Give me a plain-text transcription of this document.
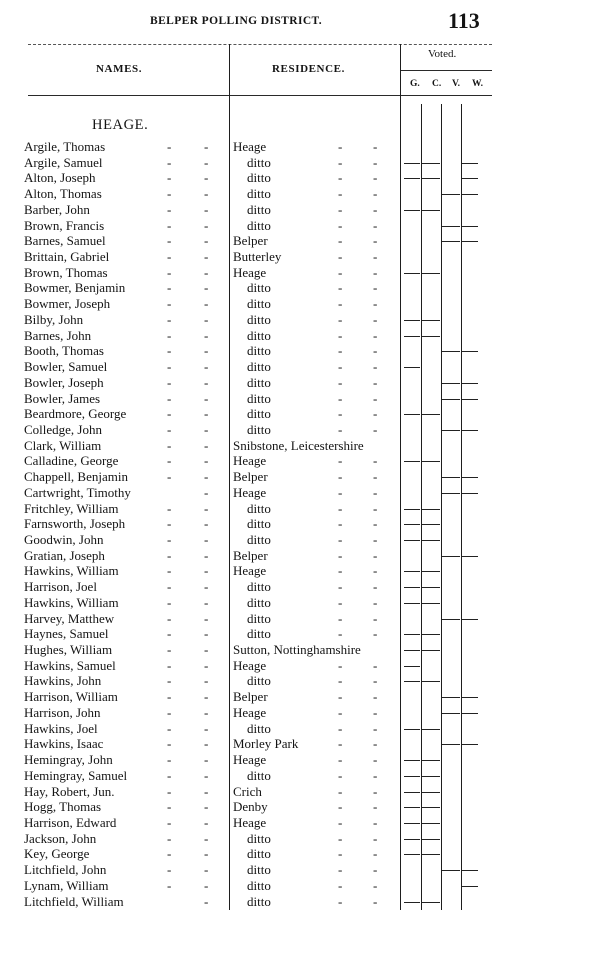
BELPER POLLING DISTRICT.	113
NAMES.	RESIDENCE.
Voted.
G. C. V. W.
HEAGE.
Argile, Thomas	-	- Heage	- -
Argile, Samuel	-	-	ditto	- -
Alton, Joseph	-	-	ditto	- -
Alton, Thomas	-	-	ditto	- -
Barber, John	-	-	ditto	- -
Brown, Francis	-	-	ditto	- -
Barnes, Samuel	-	- Belper	- -
Brittain, Gabriel	-	- Butterley	- -
Brown, Thomas	-	- Heage	- -
Bowmer, Benjamin	-	-	ditto	- -
Bowmer, Joseph	-	-	ditto	- -
Bilby, John	-	-	ditto	- -
Barnes, John	-	-	ditto	- -
Booth, Thomas	-	-	ditto	- -
Bowler, Samuel	-	-	ditto	- -
Bowler, Joseph	-	-	ditto	- -
Bowler, James	-	-	ditto	- -
Beardmore, George	-	-	ditto	- -
Colledge, John	-	-	ditto	- -
Clark, William	-	- Snibstone, Leicestershire
Calladine, George	-	- Heage	- -
Chappell, Benjamin	-	- Belper	- -
Cartwright, Timothy	- Heage	- -
Fritchley, William	-	-	ditto	- -
Farnsworth, Joseph	-	-	ditto	- -
Goodwin, John	-	-	ditto	- -
Gratian, Joseph	-	- Belper	- -
Hawkins, William	-	- Heage	- -
Harrison, Joel	-	-	ditto	- -
Hawkins, William	-	-	ditto	- -
Harvey, Matthew	-	-	ditto	- -
Haynes, Samuel	-	-	ditto	- -
Hughes, William	-	- Sutton, Nottinghamshire
Hawkins, Samuel	-	- Heage	- -
Hawkins, John	-	-	ditto	- -
Harrison, William	-	- Belper	- -
Harrison, John	-	- Heage	- -
Hawkins, Joel	-	-	ditto	- -
Hawkins, Isaac	-	- Morley Park	- -
Hemingray, John	-	- Heage	- -
Hemingray, Samuel	-	-	ditto	- -
Hay, Robert, Jun.	-	- Crich	- -
Hogg, Thomas	-	- Denby	- -
Harrison, Edward	-	- Heage	- -
Jackson, John	-	-	ditto	- -
Key, George	-	-	ditto	- -
Litchfield, John	-	-	ditto	- -
Lynam, William	-	-	ditto	- -
Litchfield, William	-	ditto	- -
